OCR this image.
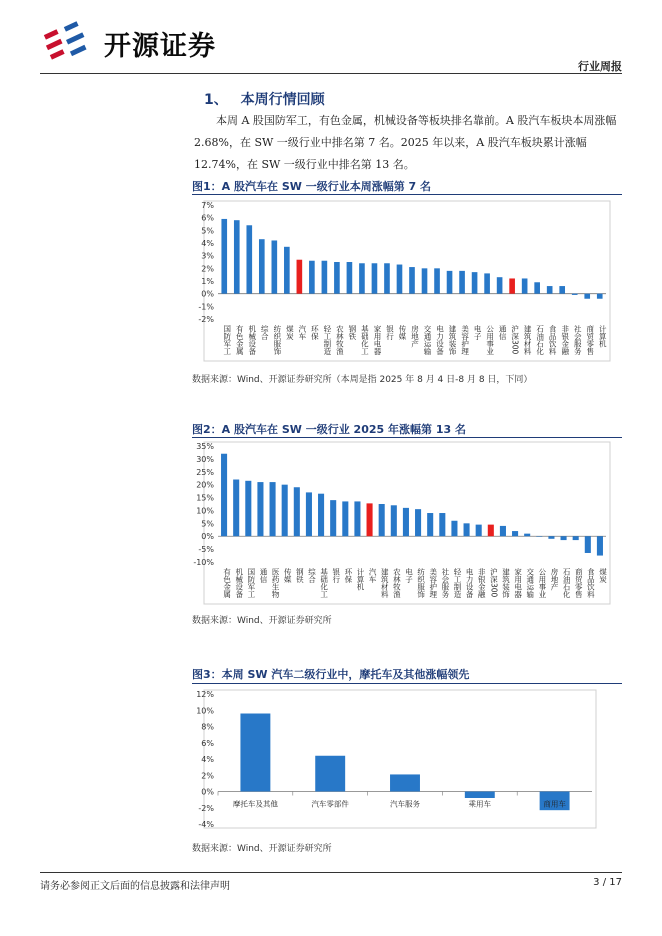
开源证券
行业周报
1、 本周行情回顾
本周 A 股国防军工，有色金属，机械设备等板块排名靠前。A 股汽车板块本周涨幅 2.68%，在 SW 一级行业中排名第 7 名。2025 年以来，A 股汽车板块累计涨幅 12.74%，在 SW 一级行业中排名第 13 名。
图1：A 股汽车在 SW 一级行业本周涨幅第 7 名
7%
6%
5%
4%
3%
2%
1%
0%
-1%
-2%
国防军工 有色金属 机械设备 综合 纺织服饰 煤炭 汽车 环保 轻工制造 农林牧渔 钢铁 基础化工 家用电器 银行 传媒 房地产 交通运输 电力设备 建筑装饰 美容护理 电子 公用事业 通信 沪深300 建筑材料 石油石化 食品饮料 非银金融 社会服务 商贸零售 计算机
数据来源：Wind、开源证券研究所（本周是指 2025 年 8 月 4 日-8 月 8 日，下同）
图2：A 股汽车在 SW 一级行业 2025 年涨幅第 13 名
35%
30%
25%
20%
15%
10%
5%
0%
-5%
-10%
有色金属 机械设备 国防军工 通信 医药生物 传媒 钢铁 综合 基础化工 银行 环保 计算机 汽车 建筑材料 农林牧渔 电子 纺织服饰 美容护理 社会服务 轻工制造 电力设备 非银金融 沪深300 建筑装饰 家用电器 交通运输 公用事业 房地产 石油石化 商贸零售 食品饮料 煤炭
数据来源：Wind、开源证券研究所
图3：本周 SW 汽车二级行业中，摩托车及其他涨幅领先
12%
10%
8%
6%
4%
2%
0%
-2%
-4%
摩托车及其他	汽车零部件	汽车服务	乘用车	商用车
数据来源：Wind、开源证券研究所
请务必参阅正文后面的信息披露和法律声明	3 / 17
